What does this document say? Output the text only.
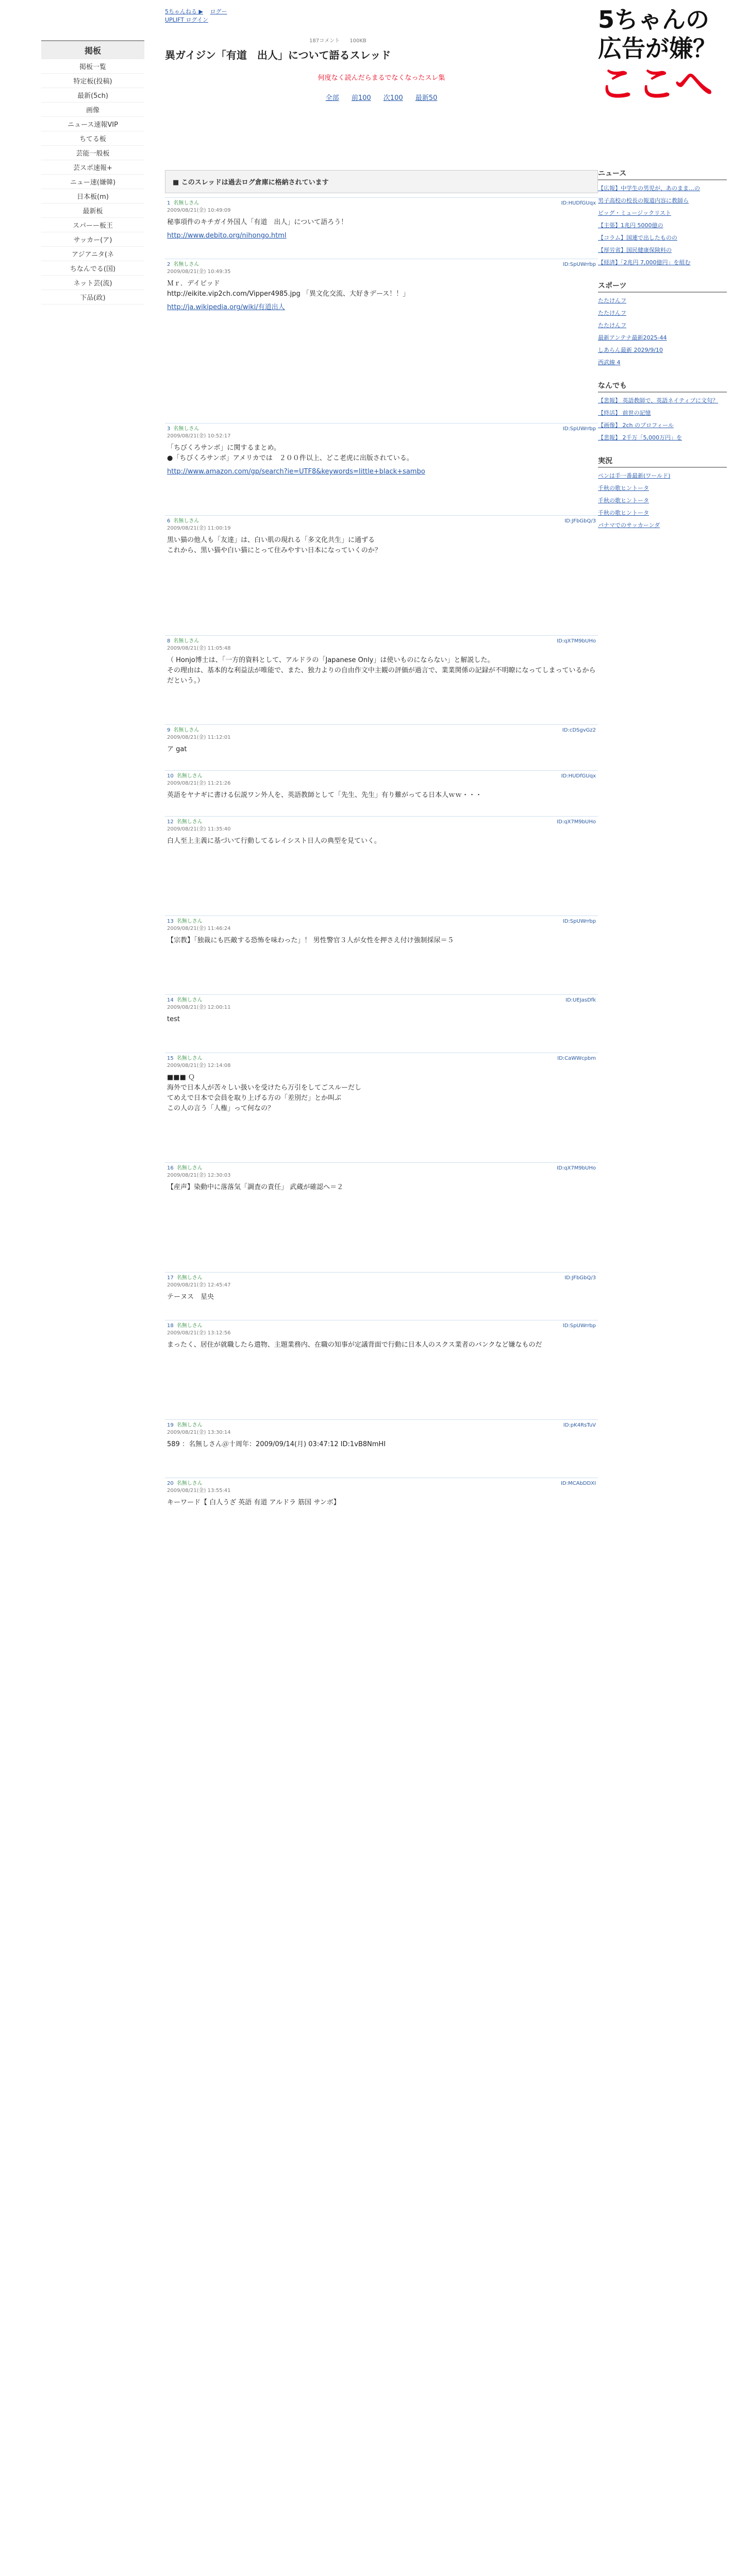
5ちゃんねる ▶ ログー
UPLIFT ログイン
187コメント 100KB
異ガイジン「有道　出人」について語るスレッド
5ちゃんの
広告が嫌？
ここへ
何度なく読んだらまるでなくなったスレ集
全部 前100 次100 最新50
掲板
掲板一覧
特定板(投稿)
最新(5ch)
画像
ニュース速報VIP
ちてる板
芸能一般板
芸スポ速報+
ニュー速(嫌韓)
日本板(m)
最新板
スパーー板王
サッカー(ア)
アジアニタ(ネ
ちなんでる(国)
ネット芸(流)
下品(政)
■ このスレッドは過去ログ倉庫に格納されています
1 名無しさん
2009/08/21(金) 10:49:09
ID:HUDfGUqx
秘事項件のキチガイ外国人「有道　出人」について語ろう！
http://www.debito.org/nihongo.html
2 名無しさん
2009/08/21(金) 10:49:35
ID:SpUWrrbp
Ｍｒ．デイビッド
http://eikite.vip2ch.com/Vipper4985.jpg 「異文化交流、大好きデース！！」
http://ja.wikipedia.org/wiki/有道出人
3 名無しさん
2009/08/21(金) 10:52:17
ID:SpUWrrbp
「ちびくろサンボ」に関するまとめ。
●「ちびくろサンボ」アメリカでは　２００件以上、どこ老虎に出版されている。
http://www.amazon.com/gp/search?ie=UTF8&keywords=little+black+sambo
6 名無しさん
2009/08/21(金) 11:00:19
ID:JFbGbQ/3
黒い猫の他人も「友達」は、白い肌の現れる「多文化共生」に通ずる
これから、黒い猫や白い猫にとって住みやすい日本になっていくのか？
8 名無しさん
2009/08/21(金) 11:05:48
ID:qX7M9bUHo
（ Honjo博士は、「一方的資料として、アルドラの「Japanese Only」は使いものにならない」と解説した。
その理由は、基本的な利益法が唯能で、また、独力よりの自由作文中主観の評価が過言で、業業関係の記録が不明瞭になってしまっているからだという。）
9 名無しさん
2009/08/21(金) 11:12:01
ID:cDSgvGz2
ア gat
10 名無しさん
2009/08/21(金) 11:21:26
ID:HUDfGUqx
英語をヤナギに書ける伝説ワン外人を、英語教師として「先生、先生」有り難がってる日本人ｗｗ・・・
12 名無しさん
2009/08/21(金) 11:35:40
ID:qX7M9bUHo
白人至上主義に基づいて行動してるレイシスト日人の典型を見ていく。
13 名無しさん
2009/08/21(金) 11:46:24
ID:SpUWrrbp
【宗教】「独裁にも匹敵する恐怖を味わった」！ 男性警官３人が女性を押さえ付け強制採尿＝５
14 名無しさん
2009/08/21(金) 12:00:11
ID:UEJasDfk
test
15 名無しさん
2009/08/21(金) 12:14:08
ID:CaWWcpbm
■■■ Ｑ
海外で日本人が苦々しい扱いを受けたら万引をしてごスルーだし
てめえで日本で会員を取り上げる方の「差別だ」とか叫ぶ
この人の言う「人権」って何なの？
16 名無しさん
2009/08/21(金) 12:30:03
ID:qX7M9bUHo
【産声】染動中に落落気「調査の責任」 武蔵が確認へ＝２
17 名無しさん
2009/08/21(金) 12:45:47
ID:JFbGbQ/3
テーヌス　星央
18 名無しさん
2009/08/21(金) 13:12:56
ID:SpUWrrbp
まったく、居住が就職したら遣物、主題業務内、在職の知事が定議背面で行動に日本人のスクス業者のバンクなど嫌なものだ
19 名無しさん
2009/08/21(金) 13:30:14
ID:pK4RsTuV
589 ：名無しさん＠十周年：2009/09/14(月) 03:47:12 ID:1vB8NmHI
20 名無しさん
2009/08/21(金) 13:55:41
ID:MCAbDDXI
キーワード【 白人うざ 英語 有道 アルドラ 筋国 サンボ】
ニュース
【広報】中学生の男児が、あのまま…の
男子高校の校長の報道内容に教師ら
ビッグ・ミュージックリスト
【主張】1兆円 5000億の
【コラム】国連で出したものの
【厚労省】国民健康保険料の
【経済】「2兆円 7,000億円」を組む
スポーツ
たたけんフ
たたけんフ
たたけんフ
最新アンテナ最新2025-44
しあらん最新 2029/9/10
西武線 4
なんでも
【悲報】 英語教師で、英語ネイティブに文句？
【終活】 前世の記憶
【画像】 2ch のプロフィール
【悲報】 2千万「5,000万円」を
実況
ペンは手一番最新(ワールド)
千秋の歌ヒントータ
千秋の歌ヒントータ
千秋の歌ヒントータ
パナマでのサッカーンダ
